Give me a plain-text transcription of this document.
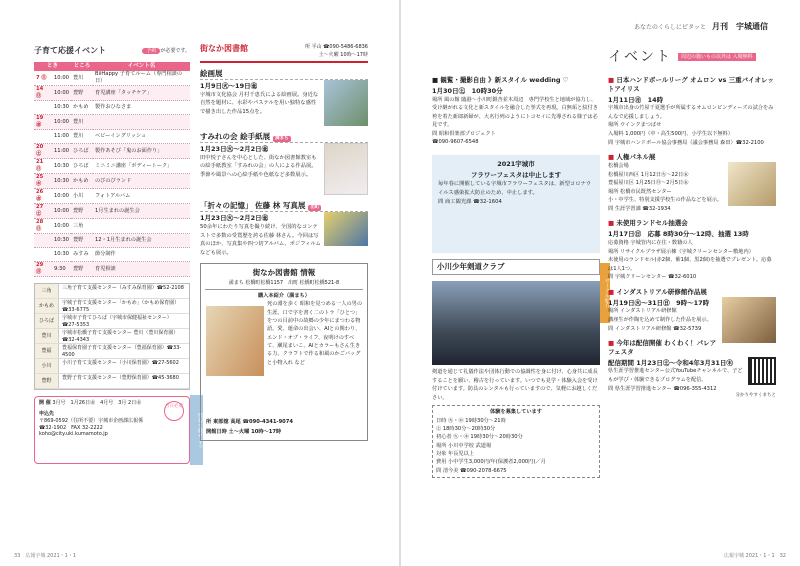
子育て応援イベント	予約 が必要です。
とき		ところ	イベント名
7 ㊐	10:00	豊川	BiiHappy 子育てルーム（専門相談の日）
14 ㊐	10:00	豊野	育児講座「タッチケア」
	10:30	かもめ	製作おひなさま
19 ㊎	10:00	豊川	
	11:00	豊川	ベビーイングリッシュ
20 ㊏	11:00	ひろば	製作あそび「鬼のお面作り」
21 ㊐	10:30	ひろば	ミニミニ講座「ボディートーク」
25 ㊍	10:30	かもめ	のびのびランド
26 ㊎	10:00	小川	フォトアルバム
27 ㊏	10:00	豊野	1月生まれの誕生会
28 ㊐	10:00	三角	
	10:30	豊野	12・1月生まれの誕生会
	10:30	みすみ	節分制作
29 ㊊	9:30	豊野	育児相談
三角	三角子育て支援センター（みすみ保育園）☎52-2108
かもめ	宇城子育て支援センター「かもめ」（かもめ保育園）☎33-6775
ひろば	宇城市子育てひろば（宇城市保健福祉センター）☎27-5353
豊川	宇城市松橋子育て支援センター 豊川（豊川保育園）☎32-4343
豊福	豊福保育園子育て支援センター（豊福保育園）☎33-4500
小川	小川子育て支援センター（小川保育園）☎27-5602
豊野	豊野子育て支援センター（豊野保育園）☎45-3680
開 催 3月号　1月26日㊎　4月号　3月 2日㊎
申込先
〒869-0592（住所不要）宇城市企画課広報係
☎32-1902　FAX 32-2222
koho@city.uki.kumamoto.jp
当日必着
情報を載せよう
街なか図書館	所 平山 ☎090-5486-6836
土～火曜 10時～17時
絵画展
1月9日㊋～19日㊎
宇城市文化協会 月村千恵氏による絵画展。身近な自然を題材に、水彩やパステルを用い独特な感性で描き出した作品15点を。
すみれの会 絵手紙展 満まち
1月23日㊋～2月2日㊎
田中悦子さんを中心とした、街なか図書館教室もの絵手紙教室「すみれの会」の人による作品展。季節や風景への心絵手紙や色紙など多数展示。
「折々の記憶」 佐藤 林 写真展 出町
1月23日㊋～2月2日㊎
50余年にわたり写真を撮り続け、全国的なコンテストで多数の受賞歴を誇る佐藤 林さん。今回は写真のほか、写真集や四つ切アルバム、ポジフィルムなども展示。
街なか図書館 情報
満まち 松橋町松橋1157　出町 松橋町松橋521-8
購入本紹介（満まち）
死の淵を歩く 昭和を見つめる一人の男の生涯。口で字を書く二のトラ「ひとつ」をつの目前中の故郷の少年にまつわる物語。愛、運命の出会い、AIとの関わり、エンド・オブ・ライフ、夜明けのすべて、瀬尾まいこ、AIとカラーもさん生きる力、クラフトで作る和風のかごバッグと小物入れ など
所 東部舘 高尾 ☎090-4341-9074
開館日時 土～火曜 10時～17時
33　広報宇城 2021・1・1
あなたのくらしにピタッと 月刊　宇城通信
■ 観覧・撮影自由 》新スタイル wedding ♡
1月30日㊏　10時30分
場所 風の館 臨港～小川町銀杏並木周辺　専門学校生と地域が協力し、受け継がれる文化と新スタイルを融合した挙式を再現。白無垢と紋付き袴を着た新郎新婦が、大名行列のようにトコセイに先導される様子は必見です。
問 昭和倶楽部プロジェクト
☎090-9607-6548
2021宇城市
フラワーフェスタは中止します
毎年春に開催している宇城市フラワーフェスタは、新型コロナウイルス感染拡大防止のため、中止します。
問 商工観光課 ☎32-1604
小川少年剣道クラブ
サークル紹介
剣道を通じて礼儀作法や団体行動での協調性を身に付け、心身共に成長することを願い、稽古を行っています。いつでも見学・体験入会を受け付けています。防具のレンタルも行っていますので、気軽にお越しください。
体験を募集しています
日時 ㊋・㊍ 19時30分～21時
㊏ 18時30分～20時30分
初心者 ㊋・㊍ 19時30分～20時30分
場所 小川中学校 武道場
対象 年長児以上
費用 小中学生3,000円/年(保護者2,000円)／月
問 清今美 ☎090-2078-6675
イベント	周辺の施いもの以外は 入場無料
■ 日本ハンドボールリーグ オムロン vs 三重バイオレットアイリス
1月11日㊊　14時
宇城市出身の竹屋千夏選手が所属するオムロンピンディーズの試合をみんなで応援しましょう。
場所 ウインクまつばせ
入場料 1,000円（中・高生500円、小学生以下無料）
問 宇城市ハンドボール協会事務局（議会事務局 森田）☎32-2100
■ 人権パネル展
松橋会場
松橋屋川西区 1月12日㊋～22日㊎
豊福屋川区 1月25日㊊～2月5日㊎
場所 松橋市民既然センター
小・中学生、特別支援学校生の作品などを展示。
問 生涯学習課 ☎32-1934
■ 未使用ランドセル抽選会
1月17日㊐　応募 8時30分～12時、抽選 13時
応募資格 宇城管内に在住・数籍の人
場所 リサイクルプラザ展示棟（宇城クリーンセンター敷地内）
未使用のランドセル(赤2個、紫1個、黒2個)を抽選でプレゼント。応募は1人1つ。
問 宇城クリーンセンター ☎32-6010
■ インダストリアル研修館作品展
1月19日㊋～31日㊐　9時～17時
場所 インダストリアル研修館
講座生が作陶を込めて制作した作品を展示。
問 インダストリアル研修館 ☎32-5739
■ 今年は配信開催 わくわく！パレアフェスタ
配信期間 1月23日㊏～令和4年3月31日㊍
県生涯学習推進センター公式YouTubeチャンネルで、子どもが学び・体験できるプログラムを配信。
問 県生涯学習推進センター ☎096-355-4312
分かりやすくまちと
広報宇城 2021・1・1　32
